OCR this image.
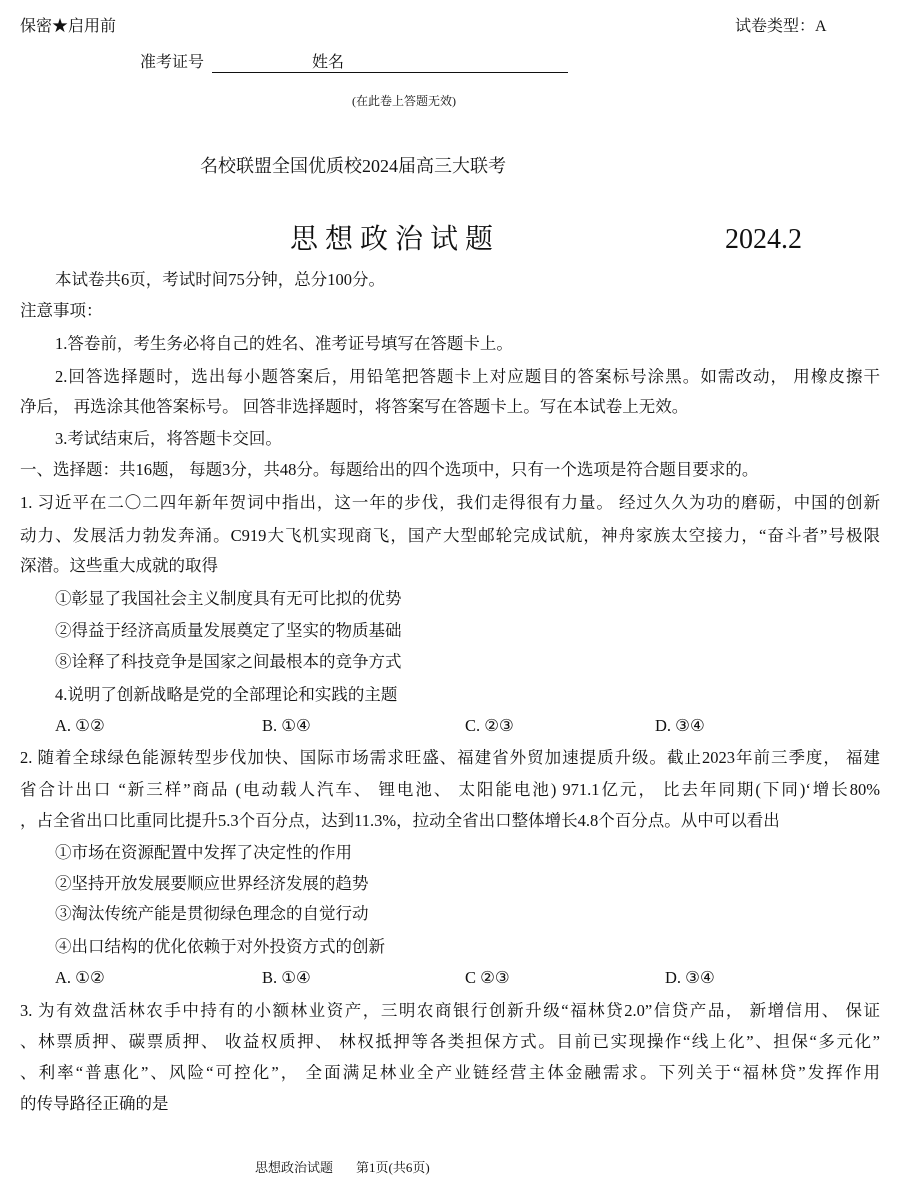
保密★启用前	试卷类型：A
准考证号	姓名
(在此卷上答题无效)
名校联盟全国优质校2024届高三大联考
思 想 政 治 试 题	2024.2
本试卷共6页，考试时间75分钟，总分100分。
注意事项：
1.答卷前，考生务必将自己的姓名、准考证号填写在答题卡上。
2.回答选择题时，选出每小题答案后，用铅笔把答题卡上对应题目的答案标号涂黑。如需改动， 用橡皮擦干
净后， 再选涂其他答案标号。 回答非选择题时，将答案写在答题卡上。写在本试卷上无效。
3.考试结束后，将答题卡交回。
一、选择题：共16题， 每题3分，共48分。每题给出的四个选项中，只有一个选项是符合题目要求的。
1. 习近平在二〇二四年新年贺词中指出，这一年的步伐，我们走得很有力量。 经过久久为功的磨砺，中国的创新
动力、发展活力勃发奔涌。C919大飞机实现商飞，国产大型邮轮完成试航，神舟家族太空接力，“奋斗者”号极限
深潜。这些重大成就的取得
①彰显了我国社会主义制度具有无可比拟的优势
②得益于经济高质量发展奠定了坚实的物质基础
⑧诠释了科技竞争是国家之间最根本的竞争方式
4.说明了创新战略是党的全部理论和实践的主题
A. ①②	B. ①④	C. ②③	D. ③④
2. 随着全球绿色能源转型步伐加快、国际市场需求旺盛、福建省外贸加速提质升级。截止2023年前三季度， 福建
省合计出口 “新三样”商品 (电动载人汽车、 锂电池、 太阳能电池) 971.1亿元， 比去年同期(下同)‘增长80%
，占全省出口比重同比提升5.3个百分点，达到11.3%，拉动全省出口整体增长4.8个百分点。从中可以看出
①市场在资源配置中发挥了决定性的作用
②坚持开放发展要顺应世界经济发展的趋势
③淘汰传统产能是贯彻绿色理念的自觉行动
④出口结构的优化依赖于对外投资方式的创新
A. ①②	B. ①④	C ②③	D. ③④
3. 为有效盘活林农手中持有的小额林业资产，三明农商银行创新升级“福林贷2.0”信贷产品， 新增信用、 保证
、林票质押、碳票质押、 收益权质押、 林权抵押等各类担保方式。目前已实现操作“线上化”、担保“多元化”
、利率“普惠化”、风险“可控化”， 全面满足林业全产业链经营主体金融需求。下列关于“福林贷”发挥作用
的传导路径正确的是
思想政治试题 第1页(共6页)
